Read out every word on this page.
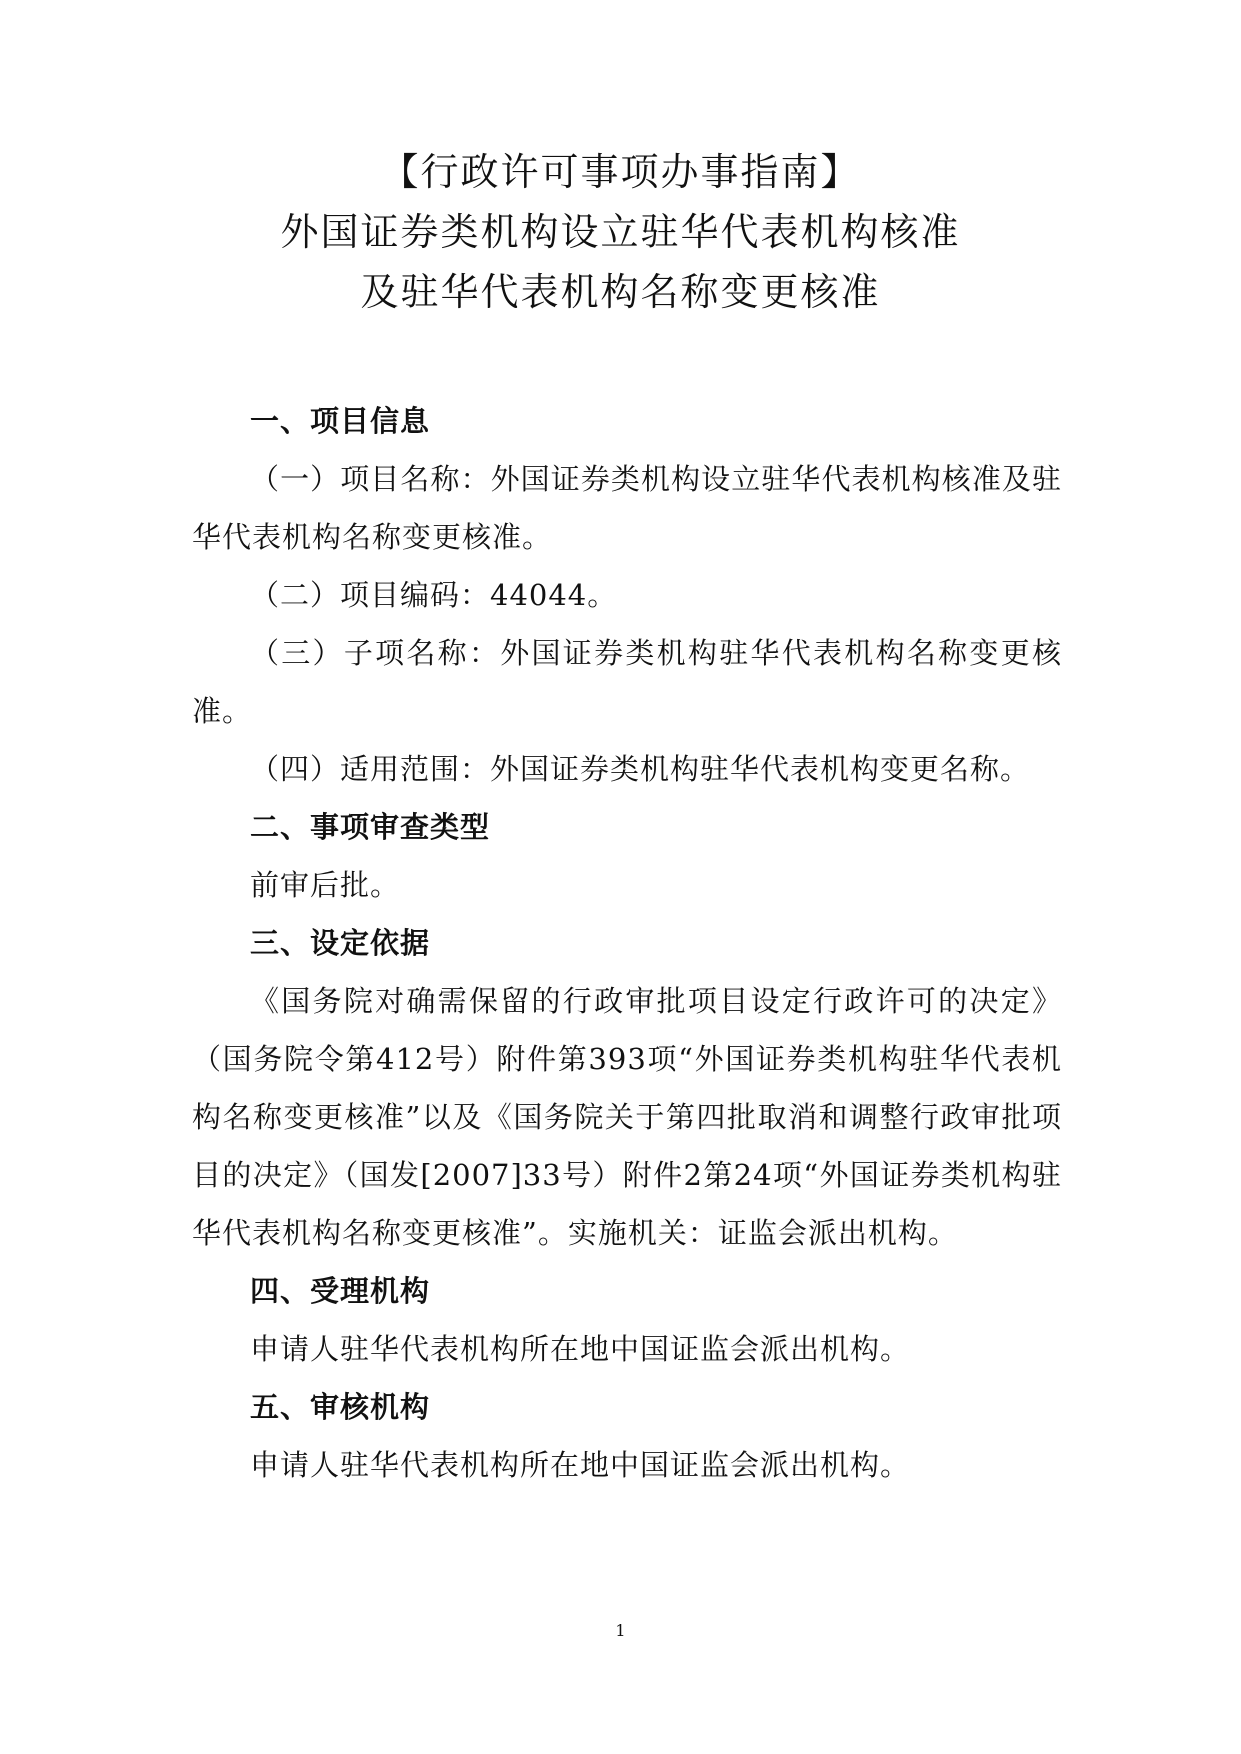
【行政许可事项办事指南】
外国证券类机构设立驻华代表机构核准
及驻华代表机构名称变更核准

一、项目信息

（一）项目名称：外国证券类机构设立驻华代表机构核准及驻华代表机构名称变更核准。

（二）项目编码：44044。

（三）子项名称：外国证券类机构驻华代表机构名称变更核准。

（四）适用范围：外国证券类机构驻华代表机构变更名称。

二、事项审查类型

前审后批。

三、设定依据

《国务院对确需保留的行政审批项目设定行政许可的决定》（国务院令第412号）附件第393项“外国证券类机构驻华代表机构名称变更核准”以及《国务院关于第四批取消和调整行政审批项目的决定》（国发[2007]33号）附件2第24项“外国证券类机构驻华代表机构名称变更核准”。实施机关：证监会派出机构。

四、受理机构

申请人驻华代表机构所在地中国证监会派出机构。

五、审核机构

申请人驻华代表机构所在地中国证监会派出机构。

1
